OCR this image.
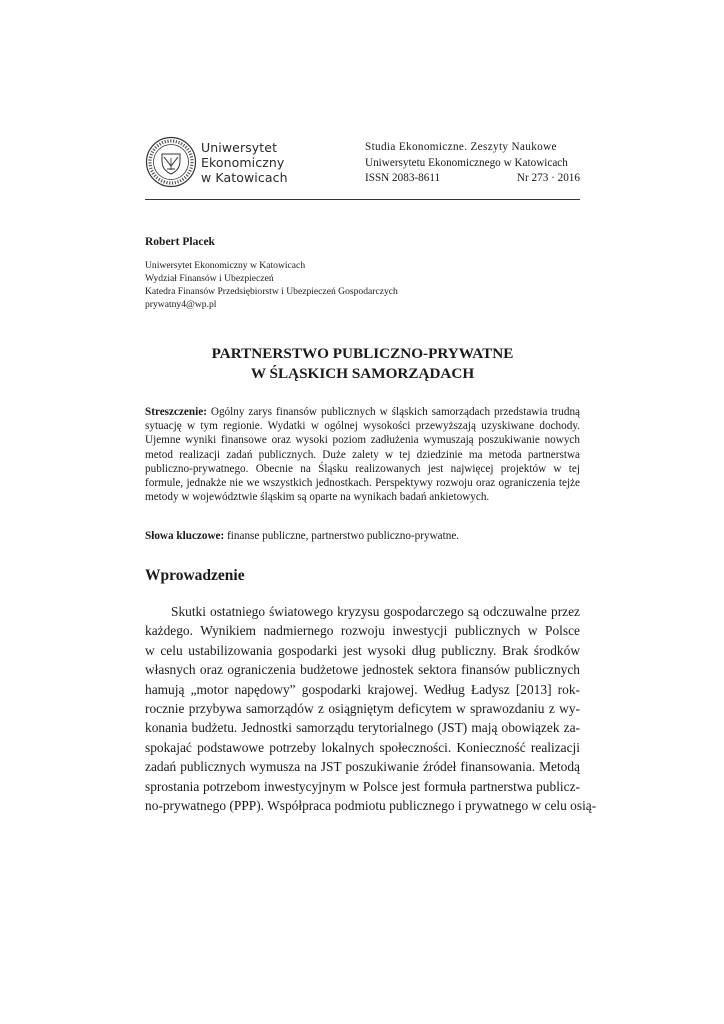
Uniwersytet
Ekonomiczny
w Katowicach
Studia Ekonomiczne. Zeszyty Naukowe
Uniwersytetu Ekonomicznego w Katowicach
ISSN 2083-8611	Nr 273 · 2016
Robert Placek
Uniwersytet Ekonomiczny w Katowicach
Wydział Finansów i Ubezpieczeń
Katedra Finansów Przedsiębiorstw i Ubezpieczeń Gospodarczych
prywatny4@wp.pl
PARTNERSTWO PUBLICZNO-PRYWATNE
W ŚLĄSKICH SAMORZĄDACH
Streszczenie: Ogólny zarys finansów publicznych w śląskich samorządach przedstawia trudną sytuację w tym regionie. Wydatki w ogólnej wysokości przewyższają uzyskiwane dochody. Ujemne wyniki finansowe oraz wysoki poziom zadłużenia wymuszają poszukiwanie nowych metod realizacji zadań publicznych. Duże zalety w tej dziedzinie ma metoda partnerstwa publiczno-prywatnego. Obecnie na Śląsku realizowanych jest najwięcej projektów w tej formule, jednakże nie we wszystkich jednostkach. Perspektywy rozwoju oraz ograniczenia tejże metody w województwie śląskim są oparte na wynikach badań ankietowych.
Słowa kluczowe: finanse publiczne, partnerstwo publiczno-prywatne.
Wprowadzenie
Skutki ostatniego światowego kryzysu gospodarczego są odczuwalne przez
każdego. Wynikiem nadmiernego rozwoju inwestycji publicznych w Polsce
w celu ustabilizowania gospodarki jest wysoki dług publiczny. Brak środków
własnych oraz ograniczenia budżetowe jednostek sektora finansów publicznych
hamują „motor napędowy” gospodarki krajowej. Według Ładysz [2013] rok-
rocznie przybywa samorządów z osiągniętym deficytem w sprawozdaniu z wy-
konania budżetu. Jednostki samorządu terytorialnego (JST) mają obowiązek za-
spokajać podstawowe potrzeby lokalnych społeczności. Konieczność realizacji
zadań publicznych wymusza na JST poszukiwanie źródeł finansowania. Metodą
sprostania potrzebom inwestycyjnym w Polsce jest formuła partnerstwa publicz-
no-prywatnego (PPP). Współpraca podmiotu publicznego i prywatnego w celu osią-
